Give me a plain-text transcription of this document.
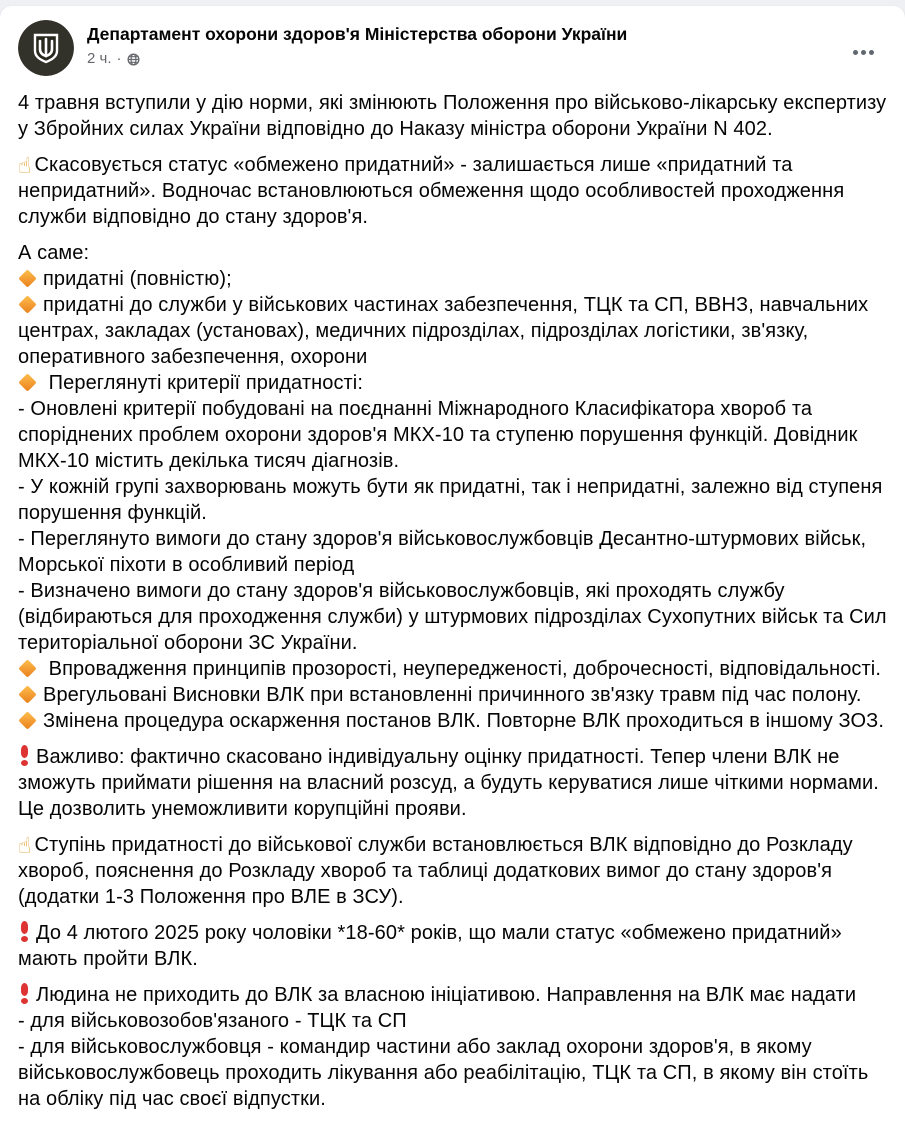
Департамент охорони здоров'я Міністерства оборони України
2 ч. ·
4 травня вступили у дію норми, які змінюють Положення про військово-лікарську експертизу у Збройних силах України відповідно до Наказу міністра оборони України N 402.
☝ Скасовується статус «обмежено придатний» - залишається лише «придатний та непридатний». Водночас встановлюються обмеження щодо особливостей проходження служби відповідно до стану здоров'я.
А саме:
придатні (повністю);
придатні до служби у військових частинах забезпечення, ТЦК та СП, ВВНЗ, навчальних центрах, закладах (установах), медичних підрозділах, підрозділах логістики, зв'язку, оперативного забезпечення, охорони
Переглянуті критерії придатності:
- Оновлені критерії побудовані на поєднанні Міжнародного Класифікатора хвороб та споріднених проблем охорони здоров'я МКХ-10 та ступеню порушення функцій. Довідник МКХ-10 містить декілька тисяч діагнозів.
- У кожній групі захворювань можуть бути як придатні, так і непридатні, залежно від ступеня порушення функцій.
- Переглянуто вимоги до стану здоров'я військовослужбовців Десантно-штурмових військ, Морської піхоти в особливий період
- Визначено вимоги до стану здоров'я військовослужбовців, які проходять службу (відбираються для проходження служби) у штурмових підрозділах Сухопутних військ та Сил територіальної оборони ЗС України.
Впровадження принципів прозорості, неупередженості, доброчесності, відповідальності.
Врегульовані Висновки ВЛК при встановленні причинного зв'язку травм під час полону.
Змінена процедура оскарження постанов ВЛК. Повторне ВЛК проходиться в іншому ЗОЗ.
Важливо: фактично скасовано індивідуальну оцінку придатності. Тепер члени ВЛК не зможуть приймати рішення на власний розсуд, а будуть керуватися лише чіткими нормами. Це дозволить унеможливити корупційні прояви.
☝ Ступінь придатності до військової служби встановлюється ВЛК відповідно до Розкладу хвороб, пояснення до Розкладу хвороб та таблиці додаткових вимог до стану здоров'я (додатки 1-3 Положення про ВЛЕ в ЗСУ).
До 4 лютого 2025 року чоловіки *18-60* років, що мали статус «обмежено придатний» мають пройти ВЛК.
Людина не приходить до ВЛК за власною ініціативою. Направлення на ВЛК має надати
- для військовозобов'язаного - ТЦК та СП
- для військовослужбовця - командир частини або заклад охорони здоров'я, в якому військовослужбовець проходить лікування або реабілітацію, ТЦК та СП, в якому він стоїть на обліку під час своєї відпустки.
